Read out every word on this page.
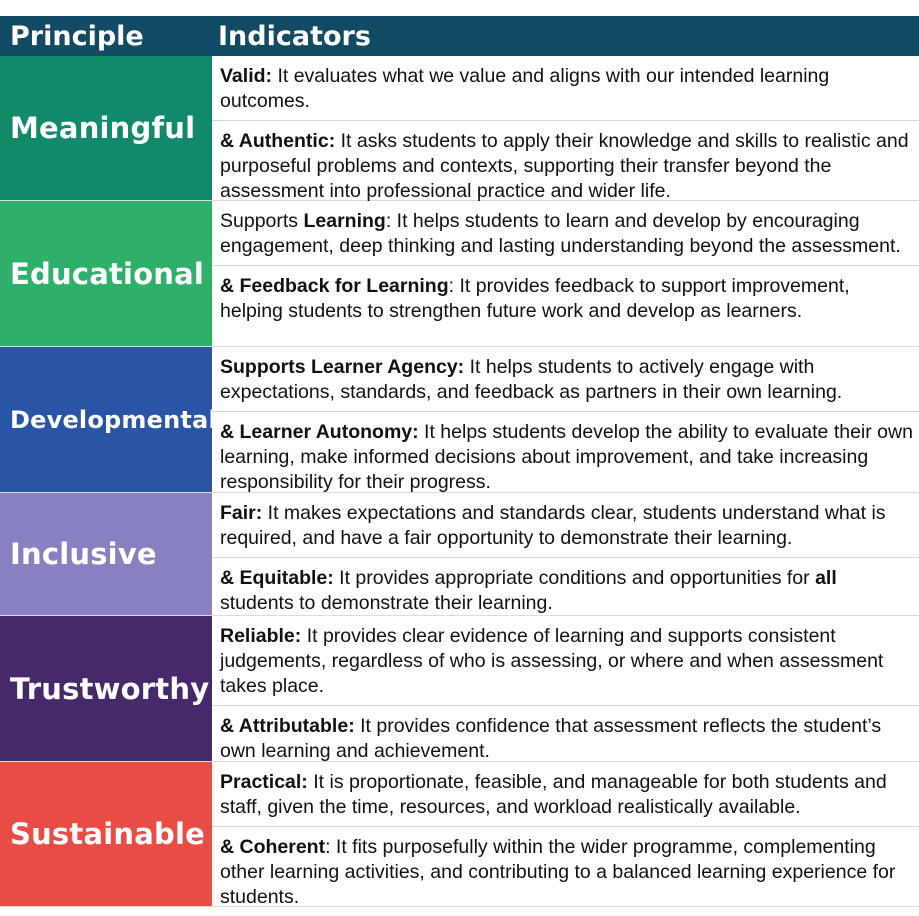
Principle	Indicators
Meaningful
Valid: It evaluates what we value and aligns with our intended learning outcomes.
& Authentic: It asks students to apply their knowledge and skills to realistic and purposeful problems and contexts, supporting their transfer beyond the assessment into professional practice and wider life.
Educational
Supports Learning: It helps students to learn and develop by encouraging engagement, deep thinking and lasting understanding beyond the assessment.
& Feedback for Learning: It provides feedback to support improvement, helping students to strengthen future work and develop as learners.
Developmental
Supports Learner Agency: It helps students to actively engage with expectations, standards, and feedback as partners in their own learning.
& Learner Autonomy: It helps students develop the ability to evaluate their own learning, make informed decisions about improvement, and take increasing responsibility for their progress.
Inclusive
Fair: It makes expectations and standards clear, students understand what is required, and have a fair opportunity to demonstrate their learning.
& Equitable: It provides appropriate conditions and opportunities for all students to demonstrate their learning.
Trustworthy
Reliable: It provides clear evidence of learning and supports consistent judgements, regardless of who is assessing, or where and when assessment takes place.
& Attributable: It provides confidence that assessment reflects the student’s own learning and achievement.
Sustainable
Practical: It is proportionate, feasible, and manageable for both students and staff, given the time, resources, and workload realistically available.
& Coherent: It fits purposefully within the wider programme, complementing other learning activities, and contributing to a balanced learning experience for students.
